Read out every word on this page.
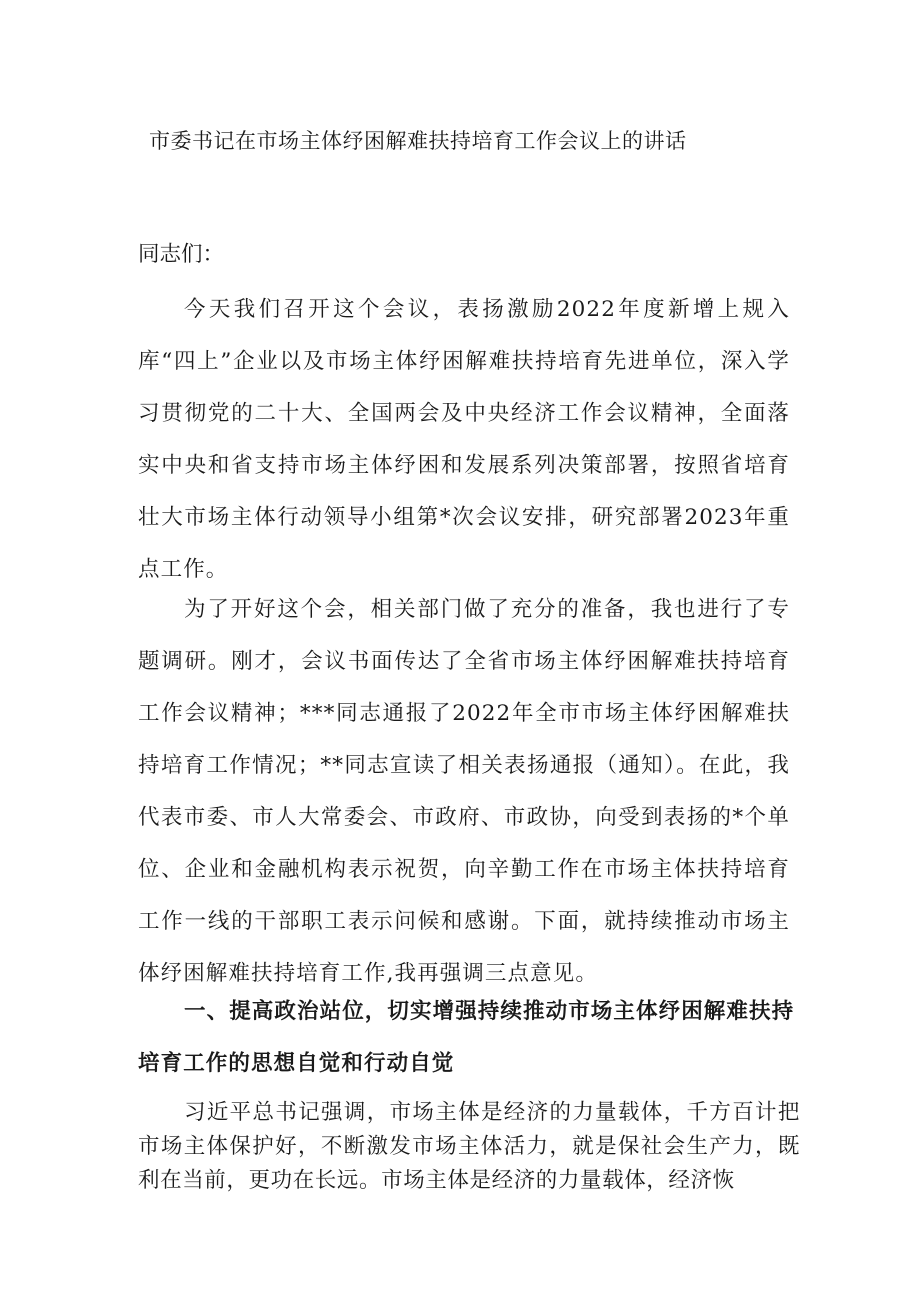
市委书记在市场主体纾困解难扶持培育工作会议上的讲话
同志们：

今天我们召开这个会议，表扬激励2022年度新增上规入库“四上”企业以及市场主体纾困解难扶持培育先进单位，深入学习贯彻党的二十大、全国两会及中央经济工作会议精神，全面落实中央和省支持市场主体纾困和发展系列决策部署，按照省培育壮大市场主体行动领导小组第*次会议安排，研究部署2023年重点工作。

为了开好这个会，相关部门做了充分的准备，我也进行了专题调研。刚才，会议书面传达了全省市场主体纾困解难扶持培育工作会议精神；***同志通报了2022年全市市场主体纾困解难扶持培育工作情况；**同志宣读了相关表扬通报（通知）。在此，我代表市委、市人大常委会、市政府、市政协，向受到表扬的*个单位、企业和金融机构表示祝贺，向辛勤工作在市场主体扶持培育工作一线的干部职工表示问候和感谢。下面，就持续推动市场主体纾困解难扶持培育工作,我再强调三点意见。

一、提高政治站位，切实增强持续推动市场主体纾困解难扶持培育工作的思想自觉和行动自觉

习近平总书记强调，市场主体是经济的力量载体，千方百计把市场主体保护好，不断激发市场主体活力，就是保社会生产力，既利在当前，更功在长远。市场主体是经济的力量载体，经济恢
